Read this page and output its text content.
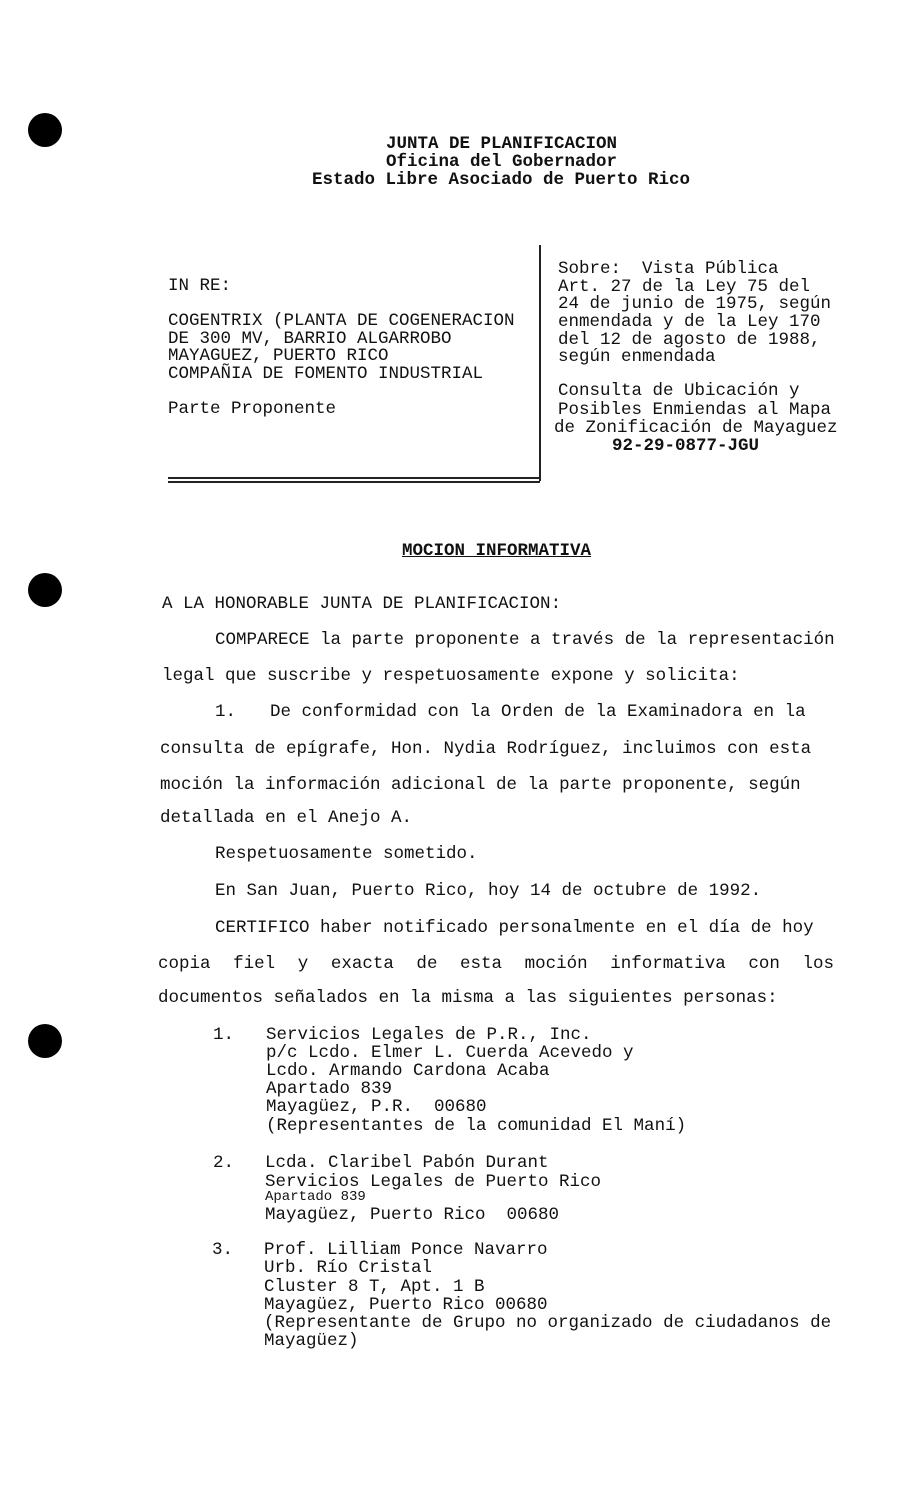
JUNTA DE PLANIFICACION
Oficina del Gobernador
Estado Libre Asociado de Puerto Rico
IN RE:
COGENTRIX (PLANTA DE COGENERACION
DE 300 MV, BARRIO ALGARROBO
MAYAGUEZ, PUERTO RICO
COMPAÑIA DE FOMENTO INDUSTRIAL
Parte Proponente
Sobre:  Vista Pública
Art. 27 de la Ley 75 del
24 de junio de 1975, según
enmendada y de la Ley 170
del 12 de agosto de 1988,
según enmendada
Consulta de Ubicación y
Posibles Enmiendas al Mapa
de Zonificación de Mayaguez
92-29-0877-JGU
MOCION INFORMATIVA
A LA HONORABLE JUNTA DE PLANIFICACION:
COMPARECE la parte proponente a través de la representación
legal que suscribe y respetuosamente expone y solicita:
1. De conformidad con la Orden de la Examinadora en la
consulta de epígrafe, Hon. Nydia Rodríguez, incluimos con esta
moción la información adicional de la parte proponente, según
detallada en el Anejo A.
Respetuosamente sometido.
En San Juan, Puerto Rico, hoy 14 de octubre de 1992.
CERTIFICO haber notificado personalmente en el día de hoy
copia fiel y exacta de esta moción informativa con los
documentos señalados en la misma a las siguientes personas:
1. Servicios Legales de P.R., Inc.
p/c Lcdo. Elmer L. Cuerda Acevedo y
Lcdo. Armando Cardona Acaba
Apartado 839
Mayagüez, P.R.  00680
(Representantes de la comunidad El Maní)
2. Lcda. Claribel Pabón Durant
Servicios Legales de Puerto Rico
Apartado 839
Mayagüez, Puerto Rico  00680
3. Prof. Lilliam Ponce Navarro
Urb. Río Cristal
Cluster 8 T, Apt. 1 B
Mayagüez, Puerto Rico 00680
(Representante de Grupo no organizado de ciudadanos de
Mayagüez)
